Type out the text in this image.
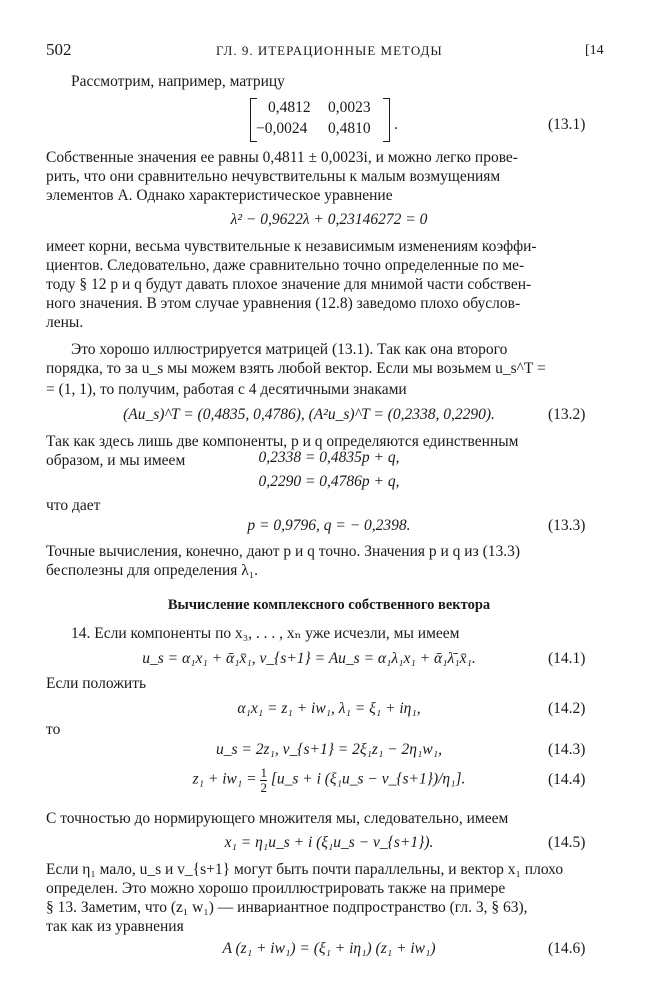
502	ГЛ. 9. ИТЕРАЦИОННЫЕ МЕТОДЫ	[14
Рассмотрим, например, матрицу
0,4812 0,0023
−0,0024 0,4810 .	(13.1)
Собственные значения ее равны 0,4811 ± 0,0023i, и можно легко прове-
рить, что они сравнительно нечувствительны к малым возмущениям
элементов A. Однако характеристическое уравнение
λ² − 0,9622λ + 0,23146272 = 0
имеет корни, весьма чувствительные к независимым изменениям коэффи-
циентов. Следовательно, даже сравнительно точно определенные по ме-
тоду § 12 p и q будут давать плохое значение для мнимой части собствен-
ного значения. В этом случае уравнения (12.8) заведомо плохо обуслов-
лены.
Это хорошо иллюстрируется матрицей (13.1). Так как она второго
порядка, то за u_s мы можем взять любой вектор. Если мы возьмем u_s^T =
= (1, 1), то получим, работая с 4 десятичными знаками
(Au_s)^T = (0,4835, 0,4786), (A²u_s)^T = (0,2338, 0,2290).	(13.2)
Так как здесь лишь две компоненты, p и q определяются единственным
образом, и мы имеем	0,2338 = 0,4835p + q,
0,2290 = 0,4786p + q,
что дает
p = 0,9796, q = − 0,2398.	(13.3)
Точные вычисления, конечно, дают p и q точно. Значения p и q из (13.3)
бесполезны для определения λ₁.
Вычисление комплексного собственного вектора
14. Если компоненты по x₃, . . . , xₙ уже исчезли, мы имеем
u_s = α₁x₁ + ᾱ₁x̄₁, v_{s+1} = Au_s = α₁λ₁x₁ + ᾱ₁λ̄₁x̄₁.	(14.1)
Если положить
α₁x₁ = z₁ + iw₁, λ₁ = ξ₁ + iη₁,	(14.2)
то
u_s = 2z₁, v_{s+1} = 2ξ₁z₁ − 2η₁w₁,	(14.3)
$z_1 + iw_1 = \frac{1}{2}$ [u_s + i (ξ₁u_s − v_{s+1})/η₁].	(14.4)
С точностью до нормирующего множителя мы, следовательно, имеем
x₁ = η₁u_s + i (ξ₁u_s − v_{s+1}).	(14.5)
Если η₁ мало, u_s и v_{s+1} могут быть почти параллельны, и вектор x₁ плохо
определен. Это можно хорошо проиллюстрировать также на примере
§ 13. Заметим, что (z₁ w₁) — инвариантное подпространство (гл. 3, § 63),
так как из уравнения
A (z₁ + iw₁) = (ξ₁ + iη₁) (z₁ + iw₁)	(14.6)
